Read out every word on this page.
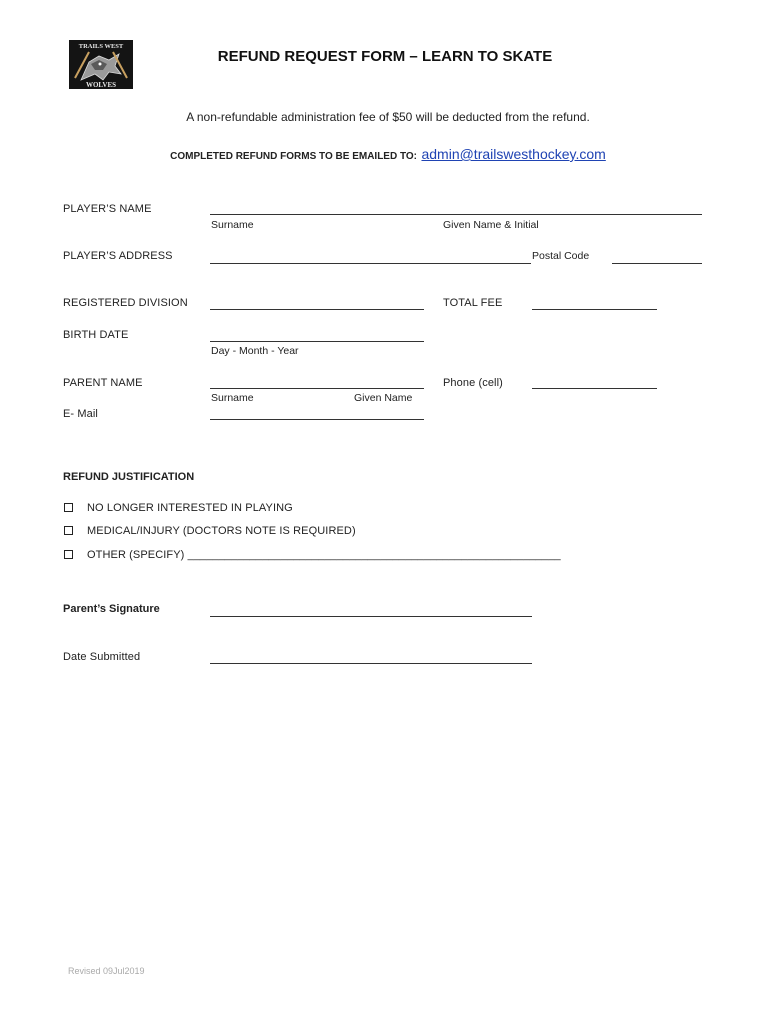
TRAILS WEST
WOLVES
REFUND REQUEST FORM – LEARN TO SKATE
A non-refundable administration fee of $50 will be deducted from the refund.
COMPLETED REFUND FORMS TO BE EMAILED TO: admin@trailswesthockey.com
PLAYER’S NAME
Surname	Given Name & Initial
PLAYER’S ADDRESS	Postal Code
REGISTERED DIVISION	TOTAL FEE
BIRTH DATE
Day - Month - Year
PARENT NAME	Phone (cell)
Surname	Given Name
E- Mail
REFUND JUSTIFICATION
NO LONGER INTERESTED IN PLAYING
MEDICAL/INJURY (DOCTORS NOTE IS REQUIRED)
OTHER (SPECIFY) ____________________________________________________________
Parent’s Signature
Date Submitted
Revised 09Jul2019
